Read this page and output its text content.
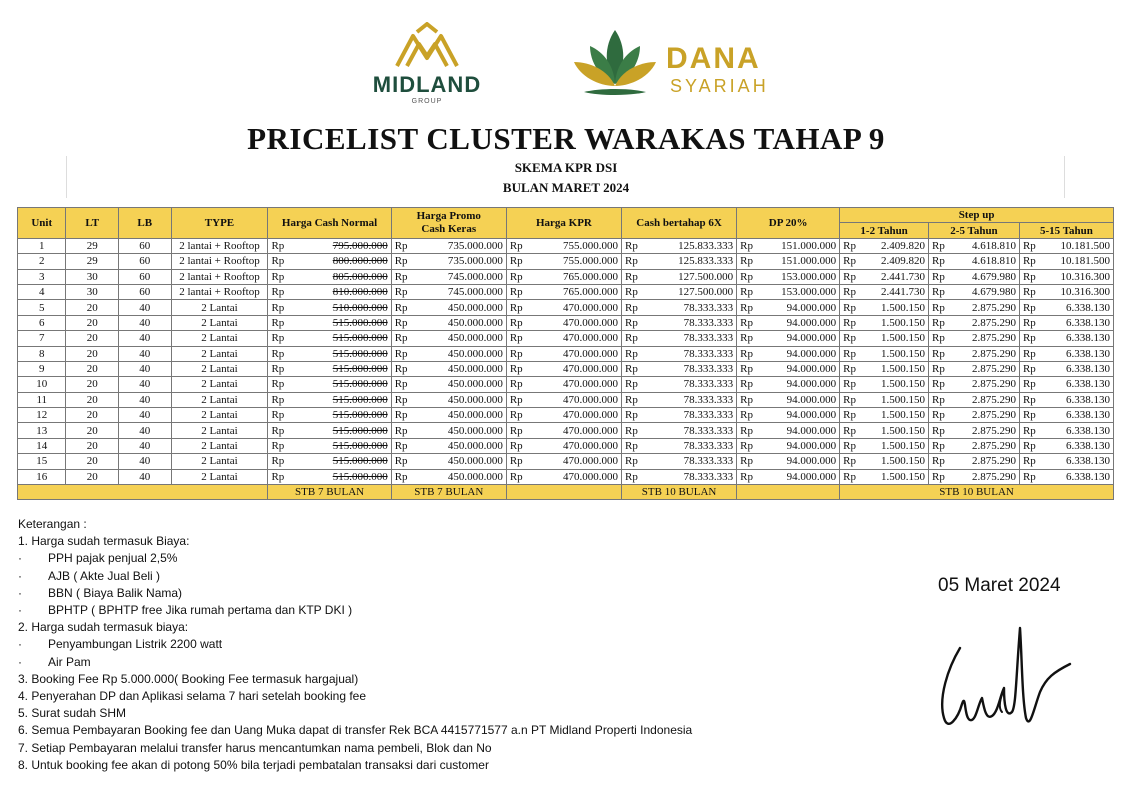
MIDLAND
GROUP
DANA
SYARIAH
PRICELIST CLUSTER WARAKAS TAHAP 9
SKEMA KPR DSI
BULAN MARET 2024
Unit	LT	LB	TYPE	Harga Cash Normal		Harga Promo
Cash Keras		Harga KPR		Cash bertahap 6X		DP 20%		Step up					
														1-2 Tahun		2-5 Tahun		5-15 Tahun	
1	29	60	2 lantai + Rooftop	Rp	795.000.000	Rp	735.000.000	Rp	755.000.000	Rp	125.833.333	Rp	151.000.000	Rp	2.409.820	Rp	4.618.810	Rp	10.181.500
2	29	60	2 lantai + Rooftop	Rp	800.000.000	Rp	735.000.000	Rp	755.000.000	Rp	125.833.333	Rp	151.000.000	Rp	2.409.820	Rp	4.618.810	Rp	10.181.500
3	30	60	2 lantai + Rooftop	Rp	805.000.000	Rp	745.000.000	Rp	765.000.000	Rp	127.500.000	Rp	153.000.000	Rp	2.441.730	Rp	4.679.980	Rp	10.316.300
4	30	60	2 lantai + Rooftop	Rp	810.000.000	Rp	745.000.000	Rp	765.000.000	Rp	127.500.000	Rp	153.000.000	Rp	2.441.730	Rp	4.679.980	Rp	10.316.300
5	20	40	2 Lantai	Rp	510.000.000	Rp	450.000.000	Rp	470.000.000	Rp	78.333.333	Rp	94.000.000	Rp	1.500.150	Rp	2.875.290	Rp	6.338.130
6	20	40	2 Lantai	Rp	515.000.000	Rp	450.000.000	Rp	470.000.000	Rp	78.333.333	Rp	94.000.000	Rp	1.500.150	Rp	2.875.290	Rp	6.338.130
7	20	40	2 Lantai	Rp	515.000.000	Rp	450.000.000	Rp	470.000.000	Rp	78.333.333	Rp	94.000.000	Rp	1.500.150	Rp	2.875.290	Rp	6.338.130
8	20	40	2 Lantai	Rp	515.000.000	Rp	450.000.000	Rp	470.000.000	Rp	78.333.333	Rp	94.000.000	Rp	1.500.150	Rp	2.875.290	Rp	6.338.130
9	20	40	2 Lantai	Rp	515.000.000	Rp	450.000.000	Rp	470.000.000	Rp	78.333.333	Rp	94.000.000	Rp	1.500.150	Rp	2.875.290	Rp	6.338.130
10	20	40	2 Lantai	Rp	515.000.000	Rp	450.000.000	Rp	470.000.000	Rp	78.333.333	Rp	94.000.000	Rp	1.500.150	Rp	2.875.290	Rp	6.338.130
11	20	40	2 Lantai	Rp	515.000.000	Rp	450.000.000	Rp	470.000.000	Rp	78.333.333	Rp	94.000.000	Rp	1.500.150	Rp	2.875.290	Rp	6.338.130
12	20	40	2 Lantai	Rp	515.000.000	Rp	450.000.000	Rp	470.000.000	Rp	78.333.333	Rp	94.000.000	Rp	1.500.150	Rp	2.875.290	Rp	6.338.130
13	20	40	2 Lantai	Rp	515.000.000	Rp	450.000.000	Rp	470.000.000	Rp	78.333.333	Rp	94.000.000	Rp	1.500.150	Rp	2.875.290	Rp	6.338.130
14	20	40	2 Lantai	Rp	515.000.000	Rp	450.000.000	Rp	470.000.000	Rp	78.333.333	Rp	94.000.000	Rp	1.500.150	Rp	2.875.290	Rp	6.338.130
15	20	40	2 Lantai	Rp	515.000.000	Rp	450.000.000	Rp	470.000.000	Rp	78.333.333	Rp	94.000.000	Rp	1.500.150	Rp	2.875.290	Rp	6.338.130
16	20	40	2 Lantai	Rp	515.000.000	Rp	450.000.000	Rp	470.000.000	Rp	78.333.333	Rp	94.000.000	Rp	1.500.150	Rp	2.875.290	Rp	6.338.130
				STB 7 BULAN		STB 7 BULAN				STB 10 BULAN				STB 10 BULAN					
Keterangan :
1. Harga sudah termasuk Biaya:
· PPH pajak penjual 2,5%
· AJB ( Akte Jual Beli )
· BBN ( Biaya Balik Nama)
· BPHTP ( BPHTP free Jika rumah pertama dan KTP DKI )
2. Harga sudah termasuk biaya:
· Penyambungan Listrik 2200 watt
· Air Pam
3. Booking Fee Rp 5.000.000( Booking Fee termasuk hargajual)
4. Penyerahan DP dan Aplikasi selama 7 hari setelah booking fee
5. Surat sudah SHM
6. Semua Pembayaran Booking fee dan Uang Muka dapat di transfer Rek BCA 4415771577 a.n PT Midland Properti Indonesia
7. Setiap Pembayaran melalui transfer harus mencantumkan nama pembeli, Blok dan No
8. Untuk booking fee akan di potong 50% bila terjadi pembatalan transaksi dari customer
05 Maret 2024
